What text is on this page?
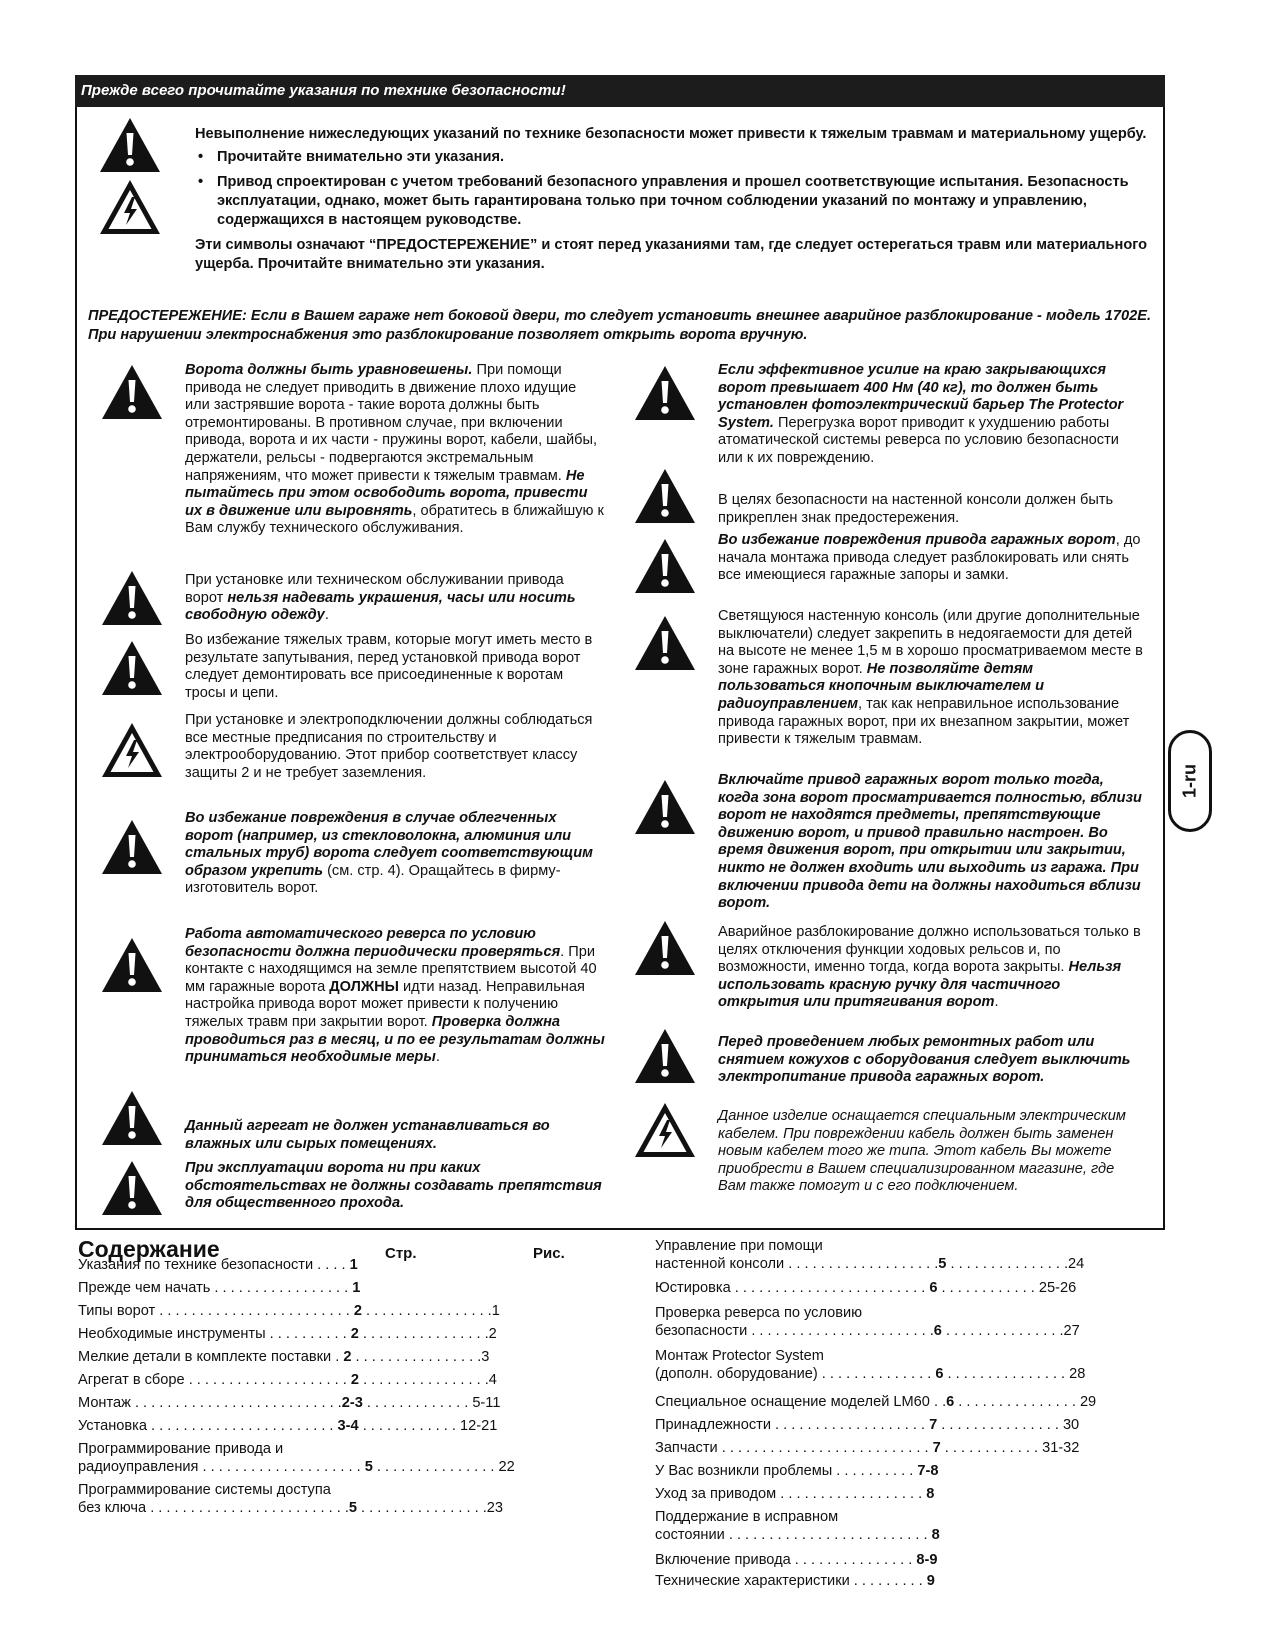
Прежде всего прочитайте указания по технике безопасности!

Невыполнение нижеследующих указаний по технике безопасности может привести к тяжелым травмам и материальному ущербу.

• Прочитайте внимательно эти указания.
• Привод спроектирован с учетом требований безопасного управления и прошел соответствующие испытания. Безопасность эксплуатации, однако, может быть гарантирована только при точном соблюдении указаний по монтажу и управлению, содержащихся в настоящем руководстве.

Эти символы означают “ПРЕДОСТЕРЕЖЕНИЕ” и стоят перед указаниями там, где следует остерегаться травм или материального ущерба. Прочитайте внимательно эти указания.

ПРЕДОСТЕРЕЖЕНИЕ: Если в Вашем гараже нет боковой двери, то следует установить внешнее аварийное разблокирование - модель 1702E. При нарушении электроснабжения это разблокирование позволяет открыть ворота вручную.

Ворота должны быть уравновешены. При помощи привода не следует приводить в движение плохо идущие или застрявшие ворота - такие ворота должны быть отремонтированы. В противном случае, при включении привода, ворота и их части - пружины ворот, кабели, шайбы, держатели, рельсы - подвергаются экстремальным напряжениям, что может привести к тяжелым травмам. Не пытайтесь при этом освободить ворота, привести их в движение или выровнять, обратитесь в ближайшую к Вам службу технического обслуживания.

При установке или техническом обслуживании привода ворот нельзя надевать украшения, часы или носить свободную одежду.

Во избежание тяжелых травм, которые могут иметь место в результате запутывания, перед установкой привода ворот следует демонтировать все присоединенные к воротам тросы и цепи.

При установке и электроподключении должны соблюдаться все местные предписания по строительству и электрооборудованию. Этот прибор соответствует классу защиты 2 и не требует заземления.

Во избежание повреждения в случае облегченных ворот (например, из стекловолокна, алюминия или стальных труб) ворота следует соответствующим образом укрепить (см. стр. 4). Оращайтесь в фирму-изготовитель ворот.

Работа автоматического реверса по условию безопасности должна периодически проверяться. При контакте с находящимся на земле препятствием высотой 40 мм гаражные ворота ДОЛЖНЫ идти назад. Неправильная настройка привода ворот может привести к получению тяжелых травм при закрытии ворот. Проверка должна проводиться раз в месяц, и по ее результатам должны приниматься необходимые меры.

Данный агрегат не должен устанавливаться во влажных или сырых помещениях.

При эксплуатации ворота ни при каких обстоятельствах не должны создавать препятствия для общественного прохода.

Если эффективное усилие на краю закрывающихся ворот превышает 400 Нм (40 кг), то должен быть установлен фотоэлектрический барьер The Protector System. Перегрузка ворот приводит к ухудшению работы атоматической системы реверса по условию безопасности или к их повреждению.

В целях безопасности на настенной консоли должен быть прикреплен знак предостережения.

Во избежание повреждения привода гаражных ворот, до начала монтажа привода следует разблокировать или снять все имеющиеся гаражные запоры и замки.

Светящуюся настенную консоль (или другие дополнительные выключатели) следует закрепить в недоягаемости для детей на высоте не менее 1,5 м в хорошо просматриваемом месте в зоне гаражных ворот. Не позволяйте детям пользоваться кнопочным выключателем и радиоуправлением, так как неправильное использование привода гаражных ворот, при их внезапном закрытии, может привести к тяжелым травмам.

Включайте привод гаражных ворот только тогда, когда зона ворот просматривается полностью, вблизи ворот не находятся предметы, препятствующие движению ворот, и привод правильно настроен. Во время движения ворот, при открытии или закрытии, никто не должен входить или выходить из гаража. При включении привода дети на должны находиться вблизи ворот.

Аварийное разблокирование должно использоваться только в целях отключения функции ходовых рельсов и, по возможности, именно тогда, когда ворота закрыты. Нельзя использовать красную ручку для частичного открытия или притягивания ворот.

Перед проведением любых ремонтных работ или снятием кожухов с оборудования следует выключить электропитание привода гаражных ворот.

Данное изделие оснащается специальным электрическим кабелем. При повреждении кабель должен быть заменен новым кабелем того же типа. Этот кабель Вы можете приобрести в Вашем специализированном магазине, где Вам также помогут и с его подключением.

1-ru
Содержание	Стр.	Рис.
Указания по технике безопасности . . . . 1
Прежде чем начать . . . . . . . . . . . . . . . . . 1
Типы ворот . . . . . . . . . . . . . . . . . . . . . . . . 2 . . . . . . . . . . . . . . . .1
Необходимые инструменты . . . . . . . . . . 2 . . . . . . . . . . . . . . . .2
Мелкие детали в комплекте поставки . 2 . . . . . . . . . . . . . . . .3
Агрегат в сборе . . . . . . . . . . . . . . . . . . . . 2 . . . . . . . . . . . . . . . .4
Монтаж . . . . . . . . . . . . . . . . . . . . . . . . . .2-3 . . . . . . . . . . . . . 5-11
Установка . . . . . . . . . . . . . . . . . . . . . . . 3-4 . . . . . . . . . . . . 12-21
Программирование привода и
радиоуправления . . . . . . . . . . . . . . . . . . . . 5 . . . . . . . . . . . . . . . 22
Программирование системы доступа
без ключа . . . . . . . . . . . . . . . . . . . . . . . . .5 . . . . . . . . . . . . . . . .23
Управление при помощи
настенной консоли . . . . . . . . . . . . . . . . . . .5 . . . . . . . . . . . . . . .24
Юстировка . . . . . . . . . . . . . . . . . . . . . . . . 6 . . . . . . . . . . . . 25-26
Проверка реверса по условию
безопасности . . . . . . . . . . . . . . . . . . . . . . .6 . . . . . . . . . . . . . . .27
Монтаж Protector System
(дополн. оборудование) . . . . . . . . . . . . . . 6 . . . . . . . . . . . . . . . 28
Специальное оснащение моделей LM60 . .6 . . . . . . . . . . . . . . . 29
Принадлежности . . . . . . . . . . . . . . . . . . . 7 . . . . . . . . . . . . . . . 30
Запчасти . . . . . . . . . . . . . . . . . . . . . . . . . . 7 . . . . . . . . . . . . 31-32
У Вас возникли проблемы . . . . . . . . . . 7-8
Уход за приводом . . . . . . . . . . . . . . . . . . 8
Поддержание в исправном
состоянии . . . . . . . . . . . . . . . . . . . . . . . . . 8
Включение привода . . . . . . . . . . . . . . . 8-9
Технические характеристики . . . . . . . . . 9
